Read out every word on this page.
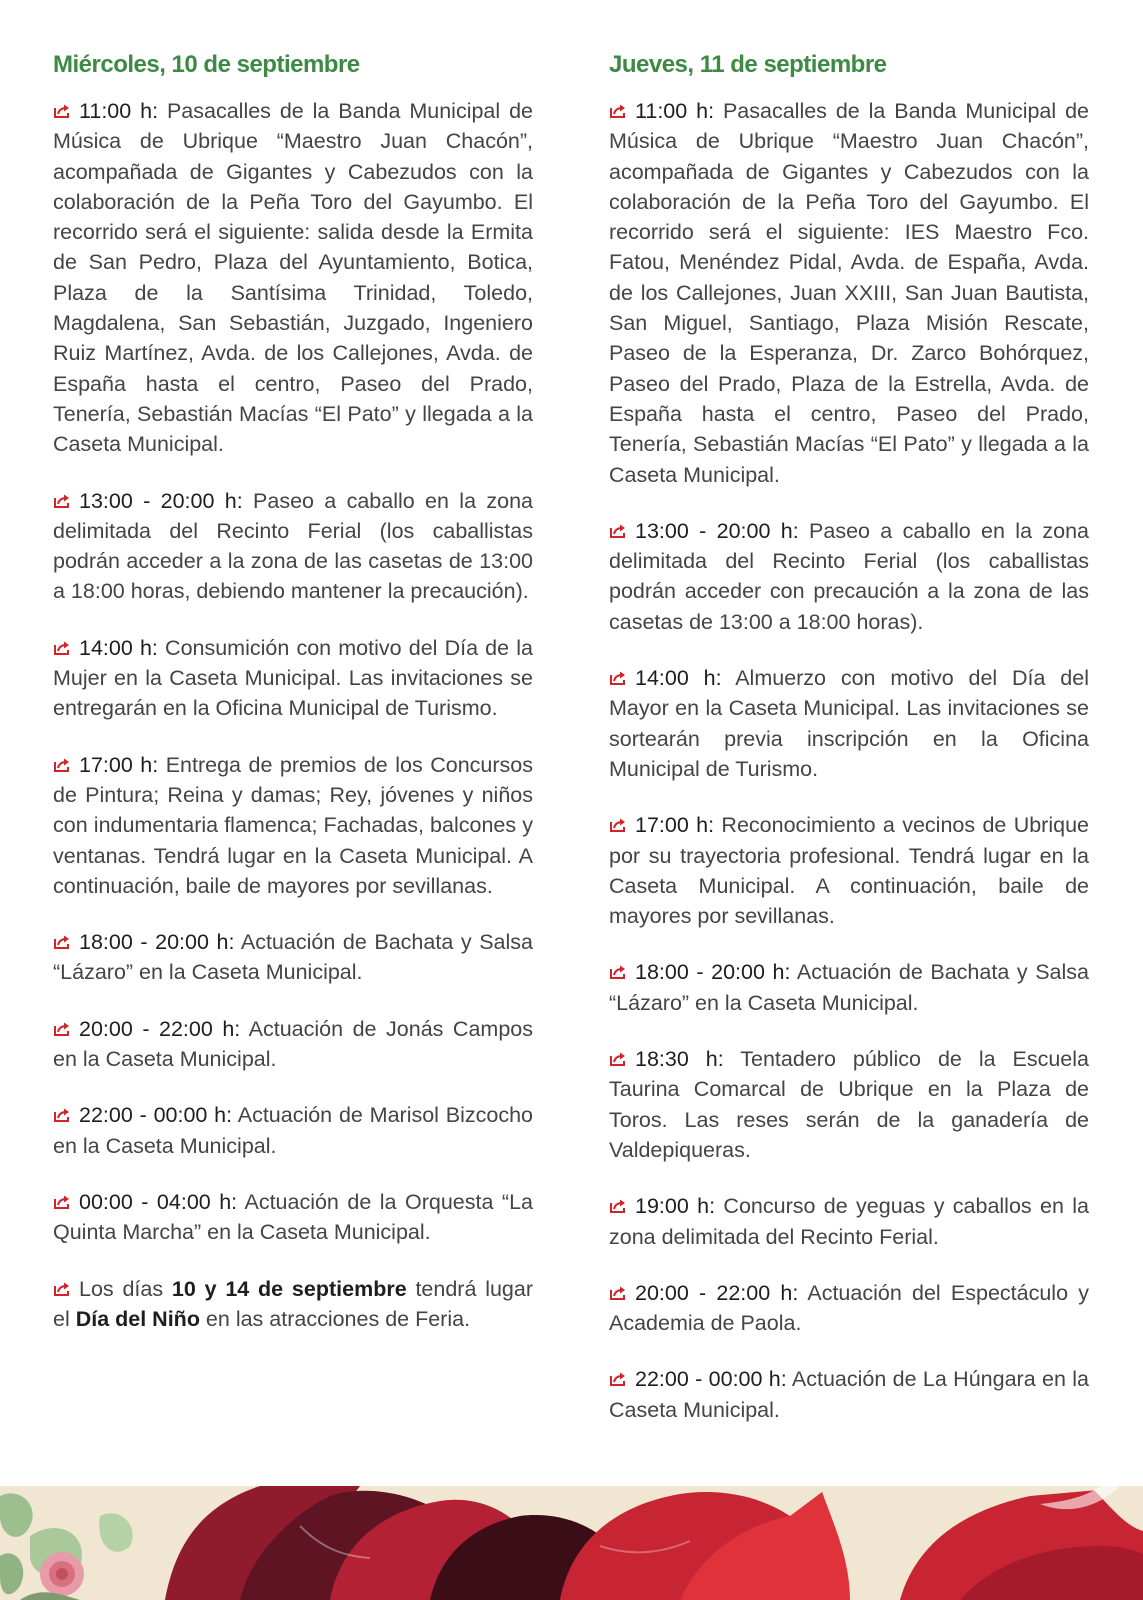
Miércoles, 10 de septiembre

11:00 h: Pasacalles de la Banda Municipal de Música de Ubrique “Maestro Juan Chacón”, acompañada de Gigantes y Cabezudos con la colaboración de la Peña Toro del Gayumbo. El recorrido será el siguiente: salida desde la Ermita de San Pedro, Plaza del Ayuntamiento, Botica, Plaza de la Santísima Trinidad, Toledo, Magdalena, San Sebastián, Juzgado, Ingeniero Ruiz Martínez, Avda. de los Callejones, Avda. de España hasta el centro, Paseo del Prado, Tenería, Sebastián Macías “El Pato” y llegada a la Caseta Municipal.

13:00 - 20:00 h: Paseo a caballo en la zona delimitada del Recinto Ferial (los caballistas podrán acceder a la zona de las casetas de 13:00 a 18:00 horas, debiendo mantener la precaución).

14:00 h: Consumición con motivo del Día de la Mujer en la Caseta Municipal. Las invitaciones se entregarán en la Oficina Municipal de Turismo.

17:00 h: Entrega de premios de los Concursos de Pintura; Reina y damas; Rey, jóvenes y niños con indumentaria flamenca; Fachadas, balcones y ventanas. Tendrá lugar en la Caseta Municipal. A continuación, baile de mayores por sevillanas.

18:00 - 20:00 h: Actuación de Bachata y Salsa “Lázaro” en la Caseta Municipal.

20:00 - 22:00 h: Actuación de Jonás Campos en la Caseta Municipal.

22:00 - 00:00 h: Actuación de Marisol Bizcocho en la Caseta Municipal.

00:00 - 04:00 h: Actuación de la Orquesta “La Quinta Marcha” en la Caseta Municipal.

Los días 10 y 14 de septiembre tendrá lugar el Día del Niño en las atracciones de Feria.

Jueves, 11 de septiembre

11:00 h: Pasacalles de la Banda Municipal de Música de Ubrique “Maestro Juan Chacón”, acompañada de Gigantes y Cabezudos con la colaboración de la Peña Toro del Gayumbo. El recorrido será el siguiente: IES Maestro Fco. Fatou, Menéndez Pidal, Avda. de España, Avda. de los Callejones, Juan XXIII, San Juan Bautista, San Miguel, Santiago, Plaza Misión Rescate, Paseo de la Esperanza, Dr. Zarco Bohórquez, Paseo del Prado, Plaza de la Estrella, Avda. de España hasta el centro, Paseo del Prado, Tenería, Sebastián Macías “El Pato” y llegada a la Caseta Municipal.

13:00 - 20:00 h: Paseo a caballo en la zona delimitada del Recinto Ferial (los caballistas podrán acceder con precaución a la zona de las casetas de 13:00 a 18:00 horas).

14:00 h: Almuerzo con motivo del Día del Mayor en la Caseta Municipal. Las invitaciones se sortearán previa inscripción en la Oficina Municipal de Turismo.

17:00 h: Reconocimiento a vecinos de Ubrique por su trayectoria profesional. Tendrá lugar en la Caseta Municipal. A continuación, baile de mayores por sevillanas.

18:00 - 20:00 h: Actuación de Bachata y Salsa “Lázaro” en la Caseta Municipal.

18:30 h: Tentadero público de la Escuela Taurina Comarcal de Ubrique en la Plaza de Toros. Las reses serán de la ganadería de Valdepiqueras.

19:00 h: Concurso de yeguas y caballos en la zona delimitada del Recinto Ferial.

20:00 - 22:00 h: Actuación del Espectáculo y Academia de Paola.

22:00 - 00:00 h: Actuación de La Húngara en la Caseta Municipal.
